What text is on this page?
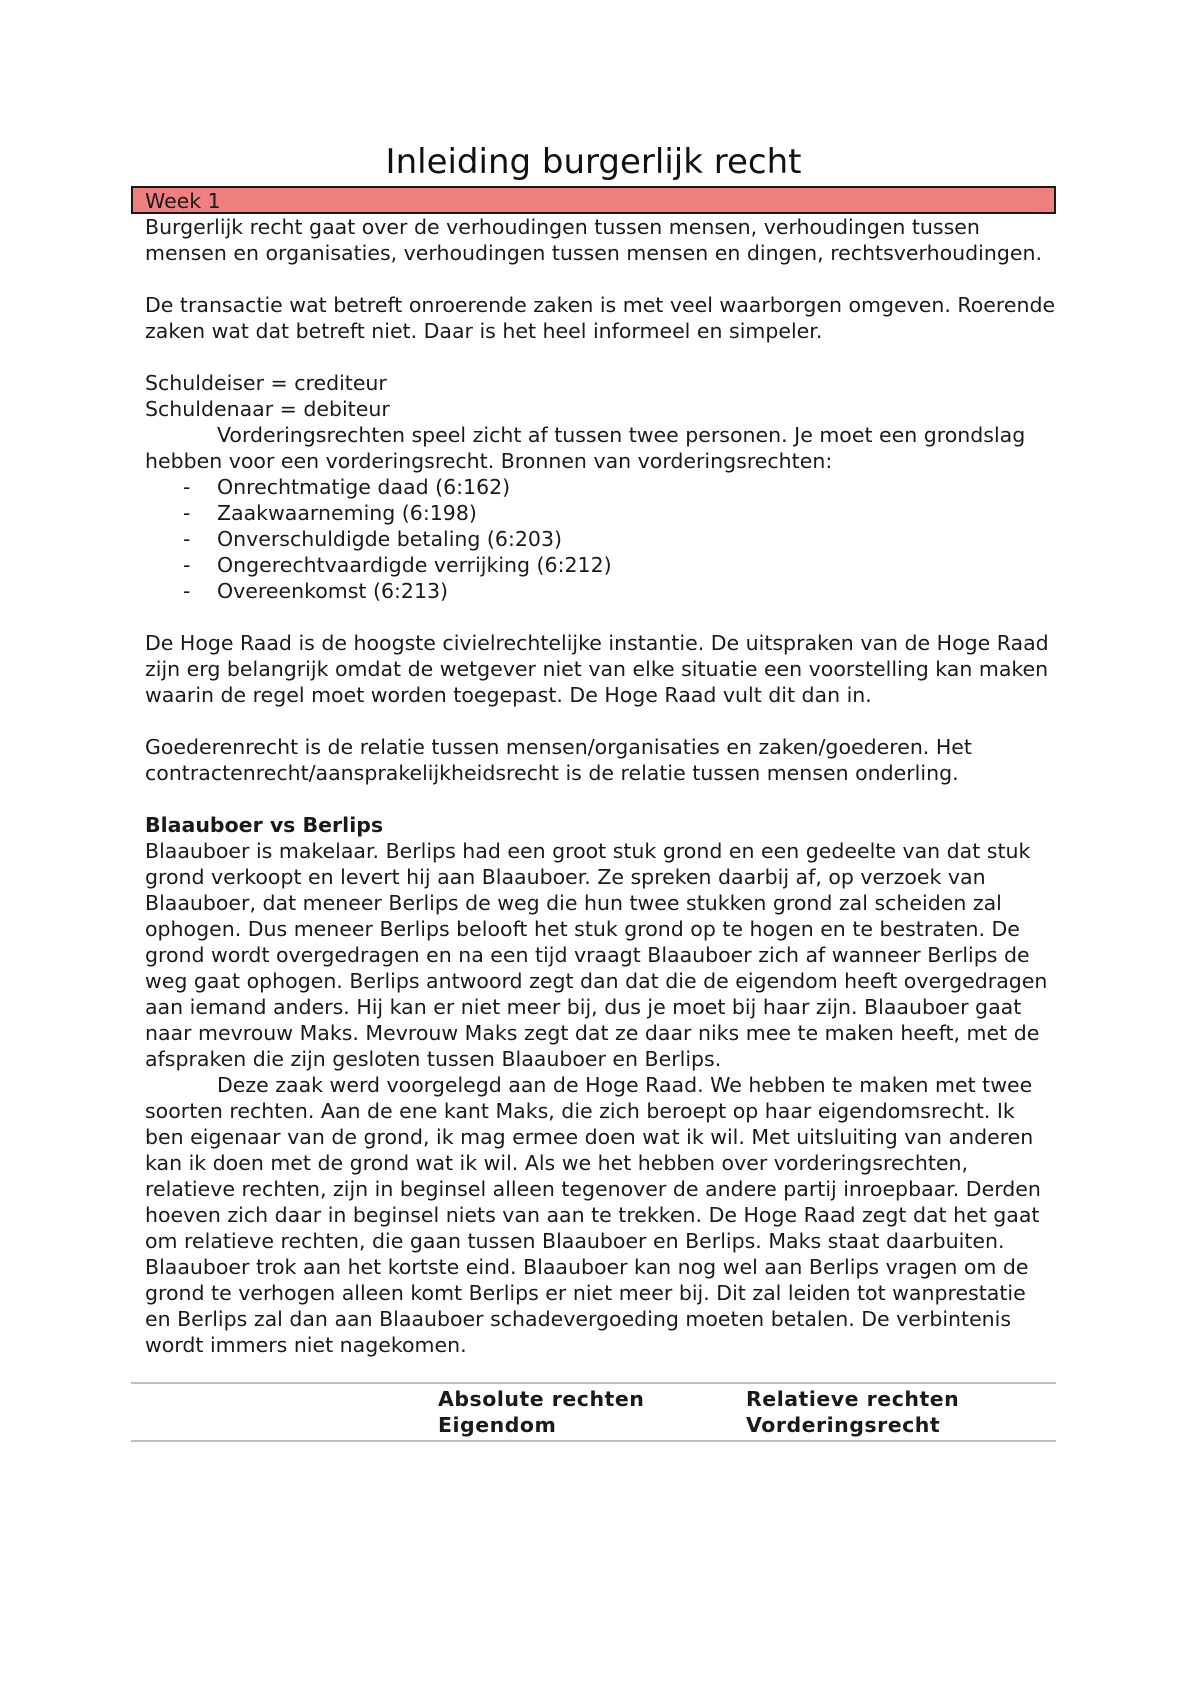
Inleiding burgerlijk recht
Week 1

Burgerlijk recht gaat over de verhoudingen tussen mensen, verhoudingen tussen mensen en organisaties, verhoudingen tussen mensen en dingen, rechtsverhoudingen.

De transactie wat betreft onroerende zaken is met veel waarborgen omgeven. Roerende zaken wat dat betreft niet. Daar is het heel informeel en simpeler.

Schuldeiser = crediteur

Schuldenaar = debiteur

Vorderingsrechten speel zicht af tussen twee personen. Je moet een grondslag hebben voor een vorderingsrecht. Bronnen van vorderingsrechten:

- Onrechtmatige daad (6:162)
- Zaakwaarneming (6:198)
- Onverschuldigde betaling (6:203)
- Ongerechtvaardigde verrijking (6:212)
- Overeenkomst (6:213)

De Hoge Raad is de hoogste civielrechtelijke instantie. De uitspraken van de Hoge Raad zijn erg belangrijk omdat de wetgever niet van elke situatie een voorstelling kan maken waarin de regel moet worden toegepast. De Hoge Raad vult dit dan in.

Goederenrecht is de relatie tussen mensen/organisaties en zaken/goederen. Het contractenrecht/aansprakelijkheidsrecht is de relatie tussen mensen onderling.

Blaauboer vs Berlips

Blaauboer is makelaar. Berlips had een groot stuk grond en een gedeelte van dat stuk grond verkoopt en levert hij aan Blaauboer. Ze spreken daarbij af, op verzoek van Blaauboer, dat meneer Berlips de weg die hun twee stukken grond zal scheiden zal ophogen. Dus meneer Berlips belooft het stuk grond op te hogen en te bestraten. De grond wordt overgedragen en na een tijd vraagt Blaauboer zich af wanneer Berlips de weg gaat ophogen. Berlips antwoord zegt dan dat die de eigendom heeft overgedragen aan iemand anders. Hij kan er niet meer bij, dus je moet bij haar zijn. Blaauboer gaat naar mevrouw Maks. Mevrouw Maks zegt dat ze daar niks mee te maken heeft, met de afspraken die zijn gesloten tussen Blaauboer en Berlips.

Deze zaak werd voorgelegd aan de Hoge Raad. We hebben te maken met twee soorten rechten. Aan de ene kant Maks, die zich beroept op haar eigendomsrecht. Ik ben eigenaar van de grond, ik mag ermee doen wat ik wil. Met uitsluiting van anderen kan ik doen met de grond wat ik wil. Als we het hebben over vorderingsrechten, relatieve rechten, zijn in beginsel alleen tegenover de andere partij inroepbaar. Derden hoeven zich daar in beginsel niets van aan te trekken. De Hoge Raad zegt dat het gaat om relatieve rechten, die gaan tussen Blaauboer en Berlips. Maks staat daarbuiten. Blaauboer trok aan het kortste eind. Blaauboer kan nog wel aan Berlips vragen om de grond te verhogen alleen komt Berlips er niet meer bij. Dit zal leiden tot wanprestatie en Berlips zal dan aan Blaauboer schadevergoeding moeten betalen. De verbintenis wordt immers niet nagekomen.

	Absolute rechten	Relatieve rechten
	Eigendom	Vorderingsrecht
